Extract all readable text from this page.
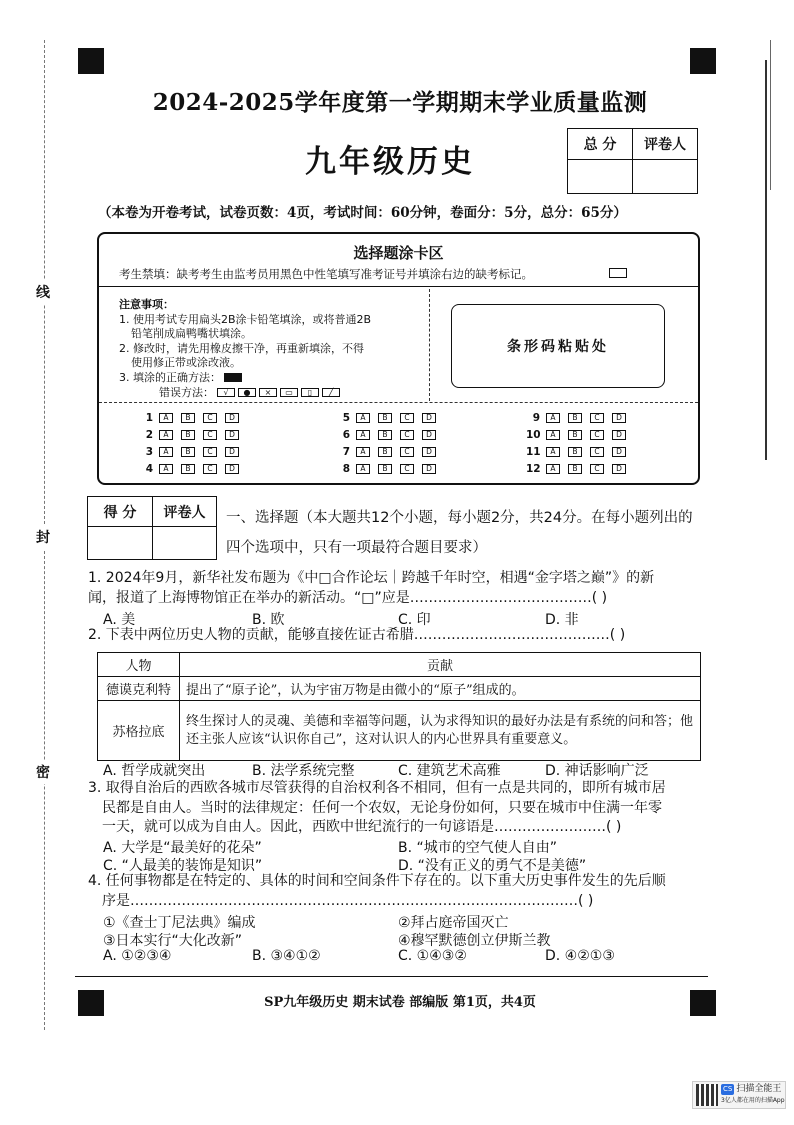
线
封
密
2024-2025学年度第一学期期末学业质量监测
九年级历史	总 分	评卷人

（本卷为开卷考试，试卷页数：4页，考试时间：60分钟，卷面分：5分，总分：65分）
选择题涂卡区
考生禁填：缺考考生由监考员用黑色中性笔填写准考证号并填涂右边的缺考标记。
注意事项：
1. 使用考试专用扁头2B涂卡铅笔填涂，或将普通2B
铅笔削成扁鸭嘴状填涂。
2. 修改时，请先用橡皮擦干净，再重新填涂，不得
使用修正带或涂改液。
3. 填涂的正确方法：
错误方法： √ ● × ▭ ▯ ╱
条形码粘贴处
1	A	B	C	D
2	A	B	C	D
3	A	B	C	D
4	A	B	C	D
5	A	B	C	D
6	A	B	C	D
7	A	B	C	D
8	A	B	C	D
9	A	B	C	D
10	A	B	C	D
11	A	B	C	D
12	A	B	C	D
得 分	评卷人
	一、选择题（本大题共12个小题，每小题2分，共24分。在每小题列出的四个选项中，只有一项最符合题目要求）
1. 2024年9月，新华社发布题为《中□合作论坛｜跨越千年时空，相遇“金字塔之巅”》的新
闻，报道了上海博物馆正在举办的新活动。“□”应是…………………………………( )
A. 美	B. 欧	C. 印	D. 非
2. 下表中两位历史人物的贡献，能够直接佐证古希腊……………………………………( )
人物	贡献
德谟克利特	提出了“原子论”，认为宇宙万物是由微小的“原子”组成的。
苏格拉底	终生探讨人的灵魂、美德和幸福等问题，认为求得知识的最好办法是有系统的问和答；他还主张人应该“认识你自己”，这对认识人的内心世界具有重要意义。
A. 哲学成就突出	B. 法学系统完整	C. 建筑艺术高雅	D. 神话影响广泛
3. 取得自治后的西欧各城市尽管获得的自治权利各不相同，但有一点是共同的，即所有城市居
民都是自由人。当时的法律规定：任何一个农奴，无论身份如何，只要在城市中住满一年零
一天，就可以成为自由人。因此，西欧中世纪流行的一句谚语是……………………( )
A. 大学是“最美好的花朵”	B. “城市的空气使人自由”
C. “人最美的装饰是知识”	D. “没有正义的勇气不是美德”
4. 任何事物都是在特定的、具体的时间和空间条件下存在的。以下重大历史事件发生的先后顺
序是……………………………………………………………………………………( )
①《查士丁尼法典》编成	②拜占庭帝国灭亡
③日本实行“大化改新”	④穆罕默德创立伊斯兰教
A. ①②③④	B. ③④①②	C. ①④③②	D. ④②①③
SP九年级历史 期末试卷 部编版 第1页，共4页
CS 扫描全能王
3亿人都在用的扫描App
